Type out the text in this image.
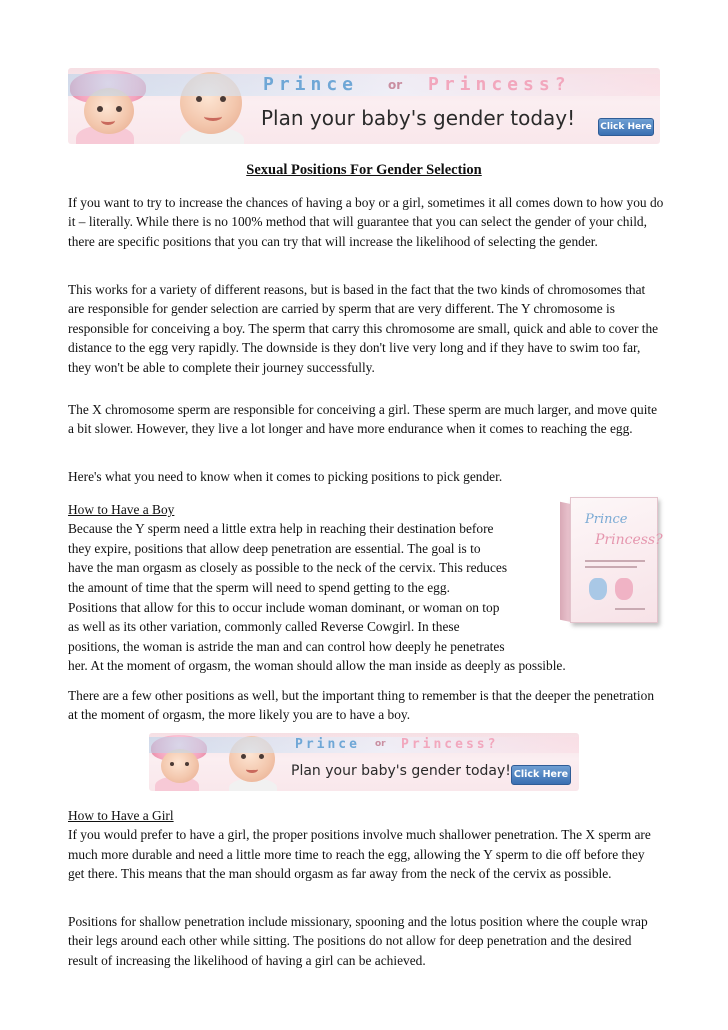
Prince or Princess?
Plan your baby's gender today!	Click Here
Sexual Positions For Gender Selection

If you want to try to increase the chances of having a boy or a girl, sometimes it all comes down to how you do it – literally. While there is no 100% method that will guarantee that you can select the gender of your child, there are specific positions that you can try that will increase the likelihood of selecting the gender.

This works for a variety of different reasons, but is based in the fact that the two kinds of chromosomes that are responsible for gender selection are carried by sperm that are very different. The Y chromosome is responsible for conceiving a boy. The sperm that carry this chromosome are small, quick and able to cover the distance to the egg very rapidly. The downside is they don't live very long and if they have to swim too far, they won't be able to complete their journey successfully.

The X chromosome sperm are responsible for conceiving a girl. These sperm are much larger, and move quite a bit slower. However, they live a lot longer and have more endurance when it comes to reaching the egg.

Here's what you need to know when it comes to picking positions to pick gender.

How to Have a Boy
Because the Y sperm need a little extra help in reaching their destination before
they expire, positions that allow deep penetration are essential. The goal is to
have the man orgasm as closely as possible to the neck of the cervix. This reduces
the amount of time that the sperm will need to spend getting to the egg.
Positions that allow for this to occur include woman dominant, or woman on top
as well as its other variation, commonly called Reverse Cowgirl. In these
positions, the woman is astride the man and can control how deeply he penetrates
her. At the moment of orgasm, the woman should allow the man inside as deeply as possible.

There are a few other positions as well, but the important thing to remember is that the deeper the penetration at the moment of orgasm, the more likely you are to have a boy.

Prince
Princess?
Prince or Princess?
Plan your baby's gender today! Click Here
How to Have a Girl
If you would prefer to have a girl, the proper positions involve much shallower penetration. The X sperm are much more durable and need a little more time to reach the egg, allowing the Y sperm to die off before they get there. This means that the man should orgasm as far away from the neck of the cervix as possible.

Positions for shallow penetration include missionary, spooning and the lotus position where the couple wrap their legs around each other while sitting. The positions do not allow for deep penetration and the desired result of increasing the likelihood of having a girl can be achieved.
